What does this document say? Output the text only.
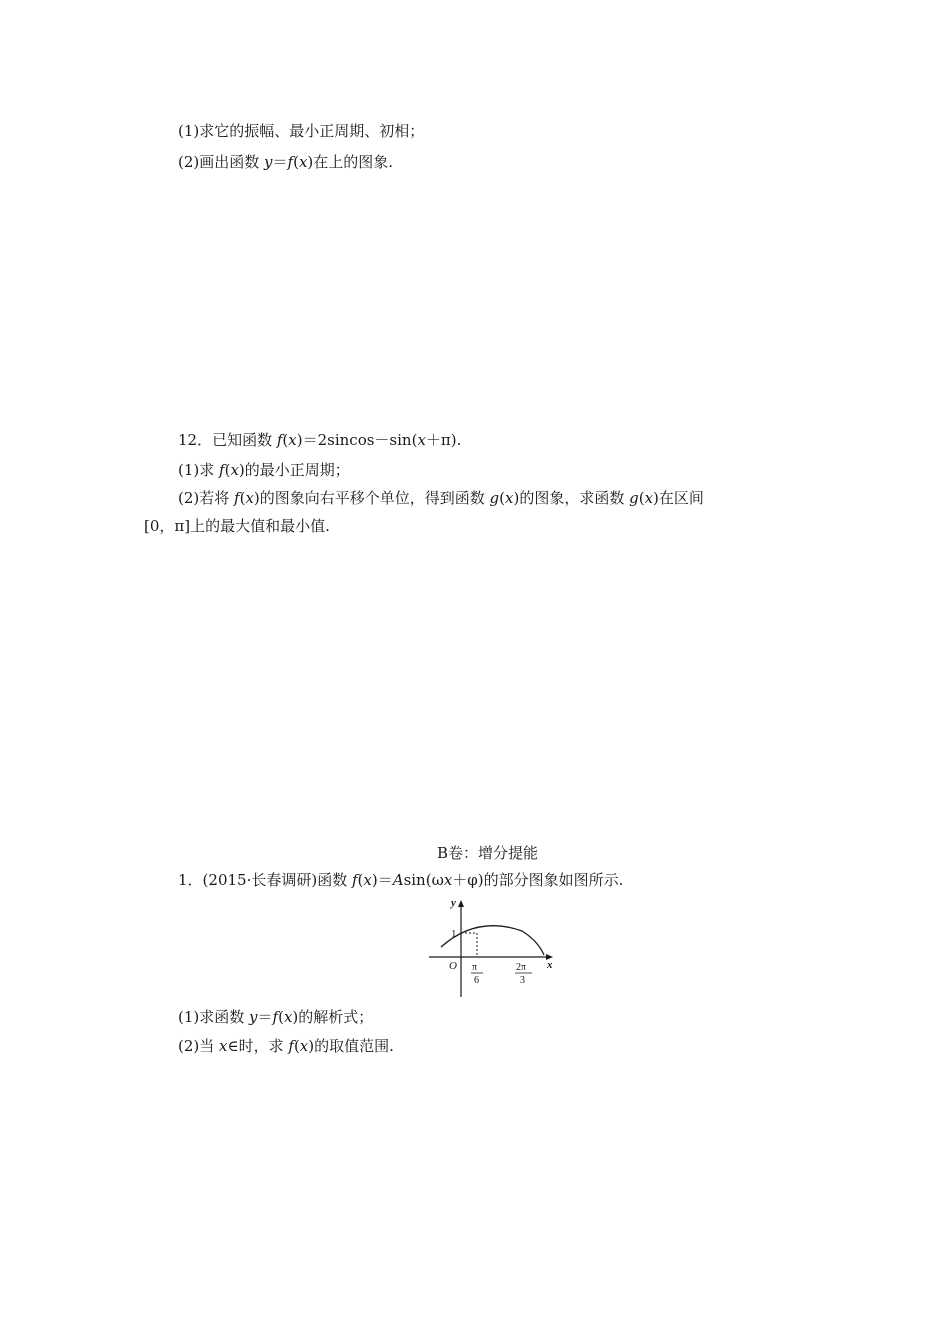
(1)求它的振幅、最小正周期、初相；
(2)画出函数 y＝f(x)在上的图象.
12．已知函数 f(x)＝2sincos－sin(x＋π).
(1)求 f(x)的最小正周期；
(2)若将 f(x)的图象向右平移个单位，得到函数 g(x)的图象，求函数 g(x)在区间
[0，π]上的最大值和最小值.
B卷：增分提能
1．(2015·长春调研)函数 f(x)＝Asin(ωx＋φ)的部分图象如图所示.
y
x
O
1
π
6
2π
3
(1)求函数 y＝f(x)的解析式；
(2)当 x∈时，求 f(x)的取值范围.
